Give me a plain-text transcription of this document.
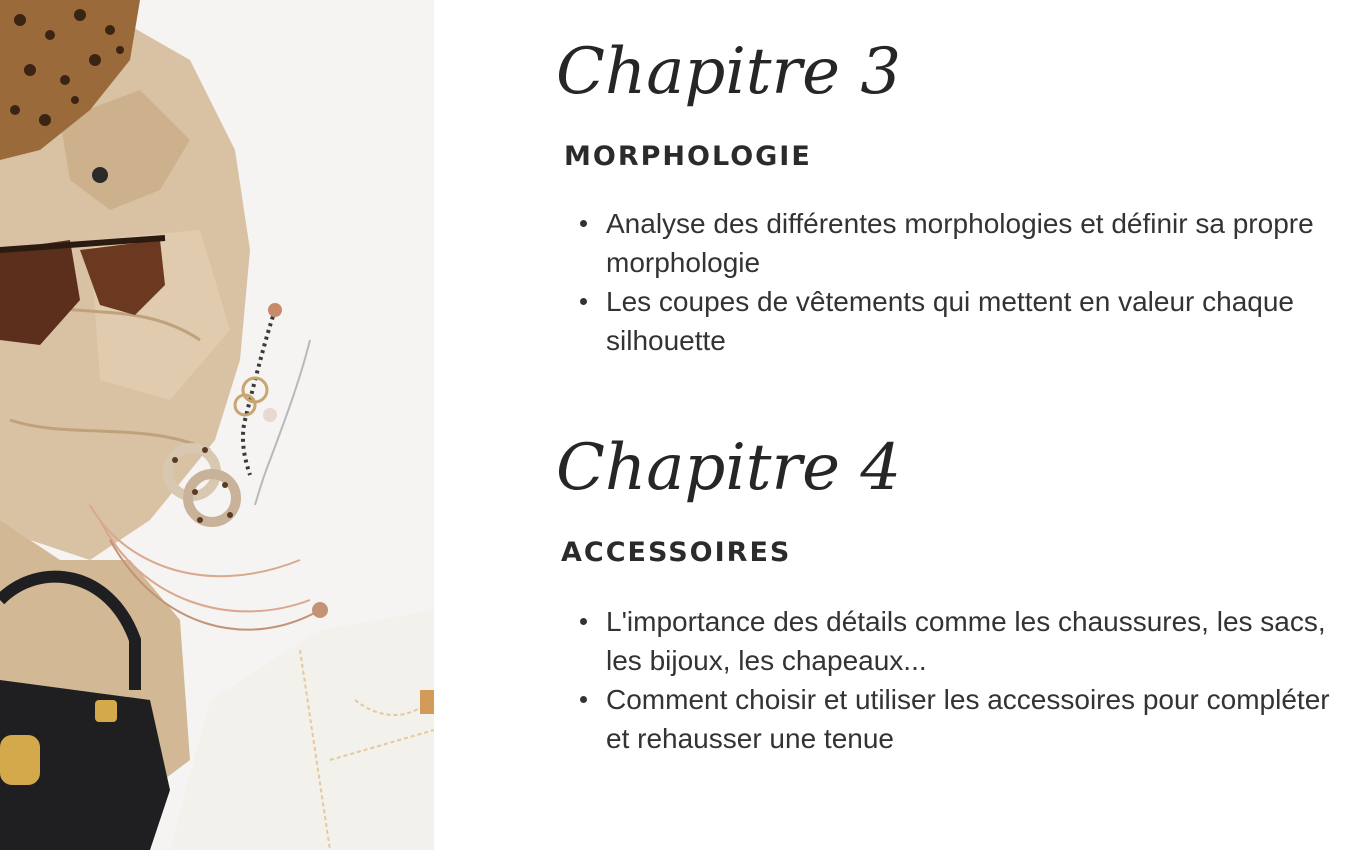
Chapitre 3
MORPHOLOGIE
Analyse des différentes morphologies et définir sa propre morphologie
Les coupes de vêtements qui mettent en valeur chaque silhouette
Chapitre 4
ACCESSOIRES
L'importance des détails comme les chaussures, les sacs, les bijoux, les chapeaux...
Comment choisir et utiliser les accessoires pour compléter et rehausser une tenue
